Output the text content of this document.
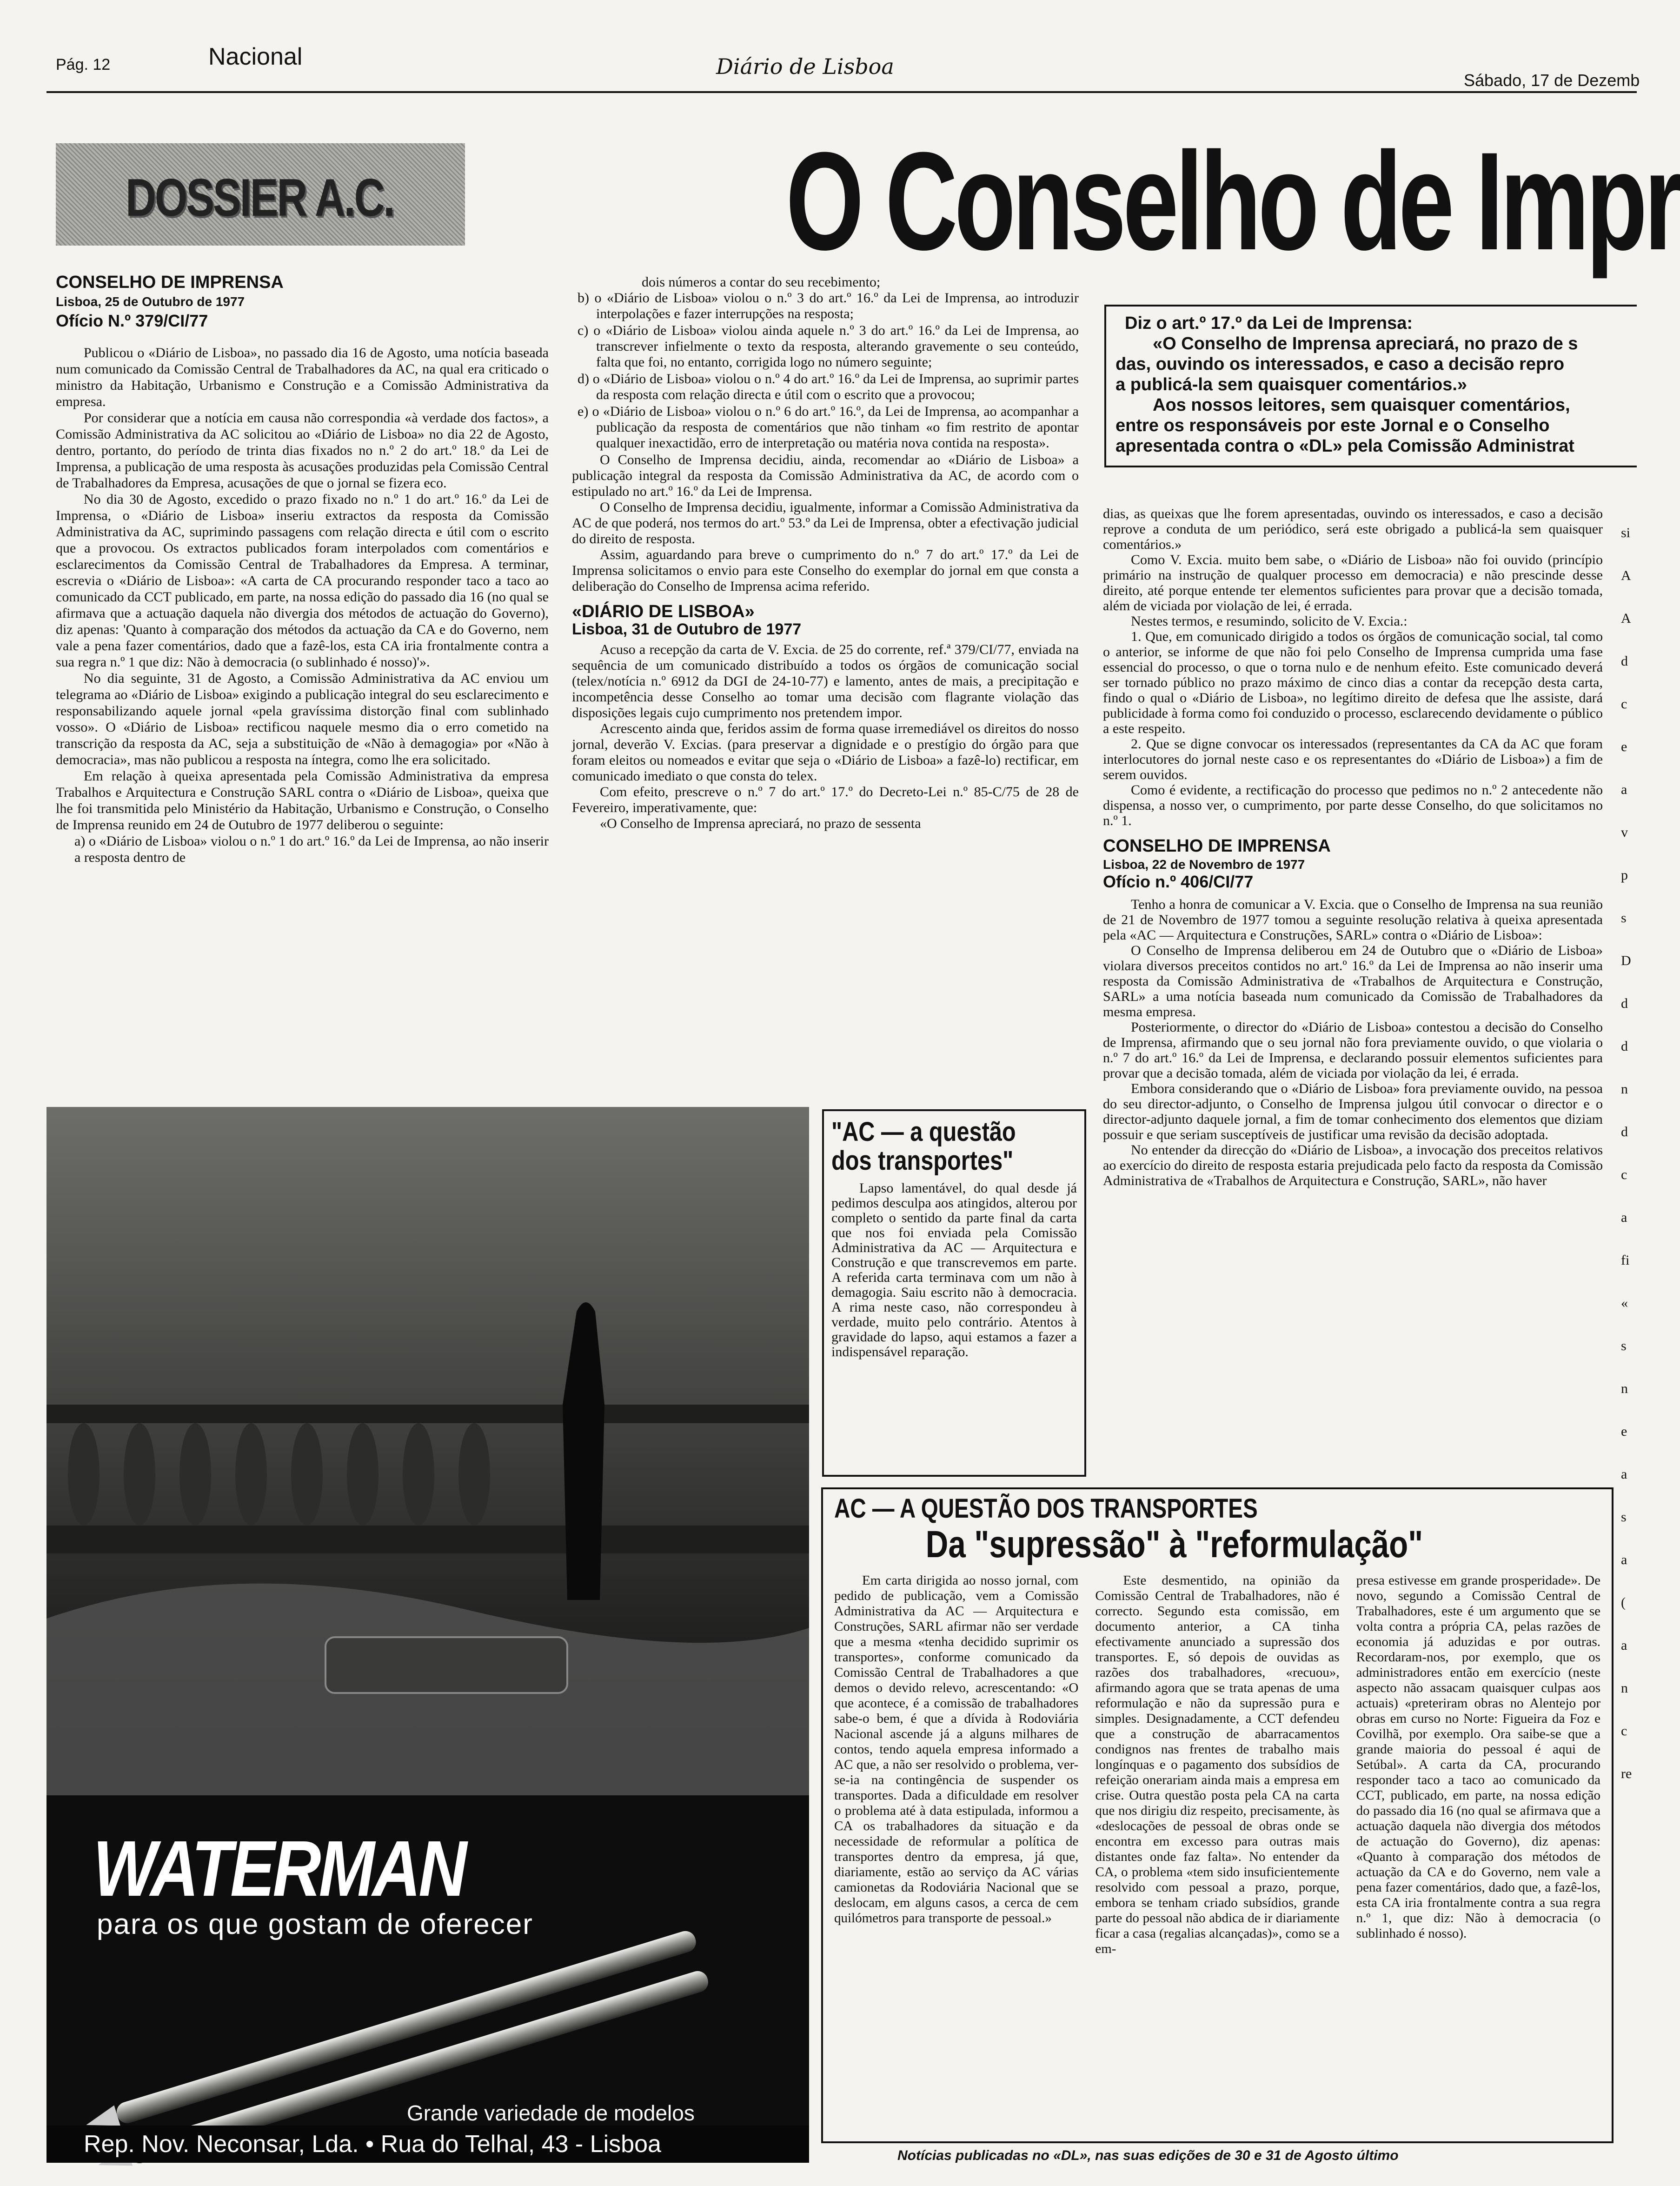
Pág. 12	Nacional	Diário de Lisboa
Sábado, 17 de Dezemb
DOSSIER A.C.	O Conselho de Impr
CONSELHO DE IMPRENSA
Lisboa, 25 de Outubro de 1977
Ofício N.º 379/CI/77

Publicou o «Diário de Lisboa», no passado dia 16 de Agosto, uma notícia baseada num comunicado da Comissão Central de Trabalhadores da AC, na qual era criticado o ministro da Habitação, Urbanismo e Construção e a Comissão Administrativa da empresa.

Por considerar que a notícia em causa não correspondia «à verdade dos factos», a Comissão Administrativa da AC solicitou ao «Diário de Lisboa» no dia 22 de Agosto, dentro, portanto, do período de trinta dias fixados no n.º 2 do art.º 18.º da Lei de Imprensa, a publicação de uma resposta às acusações produzidas pela Comissão Central de Trabalhadores da Empresa, acusações de que o jornal se fizera eco.

No dia 30 de Agosto, excedido o prazo fixado no n.º 1 do art.º 16.º da Lei de Imprensa, o «Diário de Lisboa» inseriu extractos da resposta da Comissão Administrativa da AC, suprimindo passagens com relação directa e útil com o escrito que a provocou. Os extractos publicados foram interpolados com comentários e esclarecimentos da Comissão Central de Trabalhadores da Empresa. A terminar, escrevia o «Diário de Lisboa»: «A carta de CA procurando responder taco a taco ao comunicado da CCT publicado, em parte, na nossa edição do passado dia 16 (no qual se afirmava que a actuação daquela não divergia dos métodos de actuação do Governo), diz apenas: 'Quanto à comparação dos métodos da actuação da CA e do Governo, nem vale a pena fazer comentários, dado que a fazê-los, esta CA iria frontalmente contra a sua regra n.º 1 que diz: Não à democracia (o sublinhado é nosso)'».

No dia seguinte, 31 de Agosto, a Comissão Administrativa da AC enviou um telegrama ao «Diário de Lisboa» exigindo a publicação integral do seu esclarecimento e responsabilizando aquele jornal «pela gravíssima distorção final com sublinhado vosso». O «Diário de Lisboa» rectificou naquele mesmo dia o erro cometido na transcrição da resposta da AC, seja a substituição de «Não à demagogia» por «Não à democracia», mas não publicou a resposta na íntegra, como lhe era solicitado.

Em relação à queixa apresentada pela Comissão Administrativa da empresa Trabalhos e Arquitectura e Construção SARL contra o «Diário de Lisboa», queixa que lhe foi transmitida pelo Ministério da Habitação, Urbanismo e Construção, o Conselho de Imprensa reunido em 24 de Outubro de 1977 deliberou o seguinte:

a) o «Diário de Lisboa» violou o n.º 1 do art.º 16.º da Lei de Imprensa, ao não inserir a resposta dentro de

dois números a contar do seu recebimento;

b) o «Diário de Lisboa» violou o n.º 3 do art.º 16.º da Lei de Imprensa, ao introduzir interpolações e fazer interrupções na resposta;
c) o «Diário de Lisboa» violou ainda aquele n.º 3 do art.º 16.º da Lei de Imprensa, ao transcrever infielmente o texto da resposta, alterando gravemente o seu conteúdo, falta que foi, no entanto, corrigida logo no número seguinte;
d) o «Diário de Lisboa» violou o n.º 4 do art.º 16.º da Lei de Imprensa, ao suprimir partes da resposta com relação directa e útil com o escrito que a provocou;
e) o «Diário de Lisboa» violou o n.º 6 do art.º 16.º, da Lei de Imprensa, ao acompanhar a publicação da resposta de comentários que não tinham «o fim restrito de apontar qualquer inexactidão, erro de interpretação ou matéria nova contida na resposta».

O Conselho de Imprensa decidiu, ainda, recomendar ao «Diário de Lisboa» a publicação integral da resposta da Comissão Administrativa da AC, de acordo com o estipulado no art.º 16.º da Lei de Imprensa.

O Conselho de Imprensa decidiu, igualmente, informar a Comissão Administrativa da AC de que poderá, nos termos do art.º 53.º da Lei de Imprensa, obter a efectivação judicial do direito de resposta.

Assim, aguardando para breve o cumprimento do n.º 7 do art.º 17.º da Lei de Imprensa solicitamos o envio para este Conselho do exemplar do jornal em que consta a deliberação do Conselho de Imprensa acima referido.

«DIÁRIO DE LISBOA»
Lisboa, 31 de Outubro de 1977

Acuso a recepção da carta de V. Excia. de 25 do corrente, ref.ª 379/CI/77, enviada na sequência de um comunicado distribuído a todos os órgãos de comunicação social (telex/notícia n.º 6912 da DGI de 24-10-77) e lamento, antes de mais, a precipitação e incompetência desse Conselho ao tomar uma decisão com flagrante violação das disposições legais cujo cumprimento nos pretendem impor.

Acrescento ainda que, feridos assim de forma quase irremediável os direitos do nosso jornal, deverão V. Excias. (para preservar a dignidade e o prestígio do órgão para que foram eleitos ou nomeados e evitar que seja o «Diário de Lisboa» a fazê-lo) rectificar, em comunicado imediato o que consta do telex.

Com efeito, prescreve o n.º 7 do art.º 17.º do Decreto-Lei n.º 85-C/75 de 28 de Fevereiro, imperativamente, que:

«O Conselho de Imprensa apreciará, no prazo de sessenta

Diz o art.º 17.º da Lei de Imprensa:
«O Conselho de Imprensa apreciará, no prazo de s
das, ouvindo os interessados, e caso a decisão repro
a publicá-la sem quaisquer comentários.»
Aos nossos leitores, sem quaisquer comentários,
entre os responsáveis por este Jornal e o Conselho
apresentada contra o «DL» pela Comissão Administrat

dias, as queixas que lhe forem apresentadas, ouvindo os interessados, e caso a decisão reprove a conduta de um periódico, será este obrigado a publicá-la sem quaisquer comentários.»

Como V. Excia. muito bem sabe, o «Diário de Lisboa» não foi ouvido (princípio primário na instrução de qualquer processo em democracia) e não prescinde desse direito, até porque entende ter elementos suficientes para provar que a decisão tomada, além de viciada por violação de lei, é errada.

Nestes termos, e resumindo, solicito de V. Excia.:

1. Que, em comunicado dirigido a todos os órgãos de comunicação social, tal como o anterior, se informe de que não foi pelo Conselho de Imprensa cumprida uma fase essencial do processo, o que o torna nulo e de nenhum efeito. Este comunicado deverá ser tornado público no prazo máximo de cinco dias a contar da recepção desta carta, findo o qual o «Diário de Lisboa», no legítimo direito de defesa que lhe assiste, dará publicidade à forma como foi conduzido o processo, esclarecendo devidamente o público a este respeito.

2. Que se digne convocar os interessados (representantes da CA da AC que foram interlocutores do jornal neste caso e os representantes do «Diário de Lisboa») a fim de serem ouvidos.

Como é evidente, a rectificação do processo que pedimos no n.º 2 antecedente não dispensa, a nosso ver, o cumprimento, por parte desse Conselho, do que solicitamos no n.º 1.

CONSELHO DE IMPRENSA
Lisboa, 22 de Novembro de 1977
Ofício n.º 406/CI/77

Tenho a honra de comunicar a V. Excia. que o Conselho de Imprensa na sua reunião de 21 de Novembro de 1977 tomou a seguinte resolução relativa à queixa apresentada pela «AC — Arquitectura e Construções, SARL» contra o «Diário de Lisboa»:

O Conselho de Imprensa deliberou em 24 de Outubro que o «Diário de Lisboa» violara diversos preceitos contidos no art.º 16.º da Lei de Imprensa ao não inserir uma resposta da Comissão Administrativa de «Trabalhos de Arquitectura e Construção, SARL» a uma notícia baseada num comunicado da Comissão de Trabalhadores da mesma empresa.

Posteriormente, o director do «Diário de Lisboa» contestou a decisão do Conselho de Imprensa, afirmando que o seu jornal não fora previamente ouvido, o que violaria o n.º 7 do art.º 16.º da Lei de Imprensa, e declarando possuir elementos suficientes para provar que a decisão tomada, além de viciada por violação da lei, é errada.

Embora considerando que o «Diário de Lisboa» fora previamente ouvido, na pessoa do seu director-adjunto, o Conselho de Imprensa julgou útil convocar o director e o director-adjunto daquele jornal, a fim de tomar conhecimento dos elementos que diziam possuir e que seriam susceptíveis de justificar uma revisão da decisão adoptada.

No entender da direcção do «Diário de Lisboa», a invocação dos preceitos relativos ao exercício do direito de resposta estaria prejudicada pelo facto da resposta da Comissão Administrativa de «Trabalhos de Arquitectura e Construção, SARL», não haver

si
A
A
d
c
e
a
v
p
s
D
d
d
n
d
c
a
fi
«
s
n
e
a
s
a
(
a
n
c
re
WATERMAN
para os que gostam de oferecer
Grande variedade de modelos
Rep. Nov. Neconsar, Lda. • Rua do Telhal, 43 - Lisboa
"AC — a questão
dos transportes"

Lapso lamentável, do qual desde já pedimos desculpa aos atingidos, alterou por completo o sentido da parte final da carta que nos foi enviada pela Comissão Administrativa da AC — Arquitectura e Construção e que transcrevemos em parte. A referida carta terminava com um não à demagogia. Saiu escrito não à democracia. A rima neste caso, não correspondeu à verdade, muito pelo contrário. Atentos à gravidade do lapso, aqui estamos a fazer a indispensável reparação.

AC — A QUESTÃO DOS TRANSPORTES
Da "supressão" à "reformulação"

Em carta dirigida ao nosso jornal, com pedido de publicação, vem a Comissão Administrativa da AC — Arquitectura e Construções, SARL afirmar não ser verdade que a mesma «tenha decidido suprimir os transportes», conforme comunicado da Comissão Central de Trabalhadores a que demos o devido relevo, acrescentando: «O que acontece, é a comissão de trabalhadores sabe-o bem, é que a dívida à Rodoviária Nacional ascende já a alguns milhares de contos, tendo aquela empresa informado a AC que, a não ser resolvido o problema, ver-se-ia na contingência de suspender os transportes. Dada a dificuldade em resolver o problema até à data estipulada, informou a CA os trabalhadores da situação e da necessidade de reformular a política de transportes dentro da empresa, já que, diariamente, estão ao serviço da AC várias camionetas da Rodoviária Nacional que se deslocam, em alguns casos, a cerca de cem quilómetros para transporte de pessoal.»

Este desmentido, na opinião da Comissão Central de Trabalhadores, não é correcto. Segundo esta comissão, em documento anterior, a CA tinha efectivamente anunciado a supressão dos transportes. E, só depois de ouvidas as razões dos trabalhadores, «recuou», afirmando agora que se trata apenas de uma reformulação e não da supressão pura e simples. Designadamente, a CCT defendeu que a construção de abarracamentos condignos nas frentes de trabalho mais longínquas e o pagamento dos subsídios de refeição onerariam ainda mais a empresa em crise. Outra questão posta pela CA na carta que nos dirigiu diz respeito, precisamente, às «deslocações de pessoal de obras onde se encontra em excesso para outras mais distantes onde faz falta». No entender da CA, o problema «tem sido insuficientemente resolvido com pessoal a prazo, porque, embora se tenham criado subsídios, grande parte do pessoal não abdica de ir diariamente ficar a casa (regalias alcançadas)», como se a em-

presa estivesse em grande prosperidade». De novo, segundo a Comissão Central de Trabalhadores, este é um argumento que se volta contra a própria CA, pelas razões de economia já aduzidas e por outras. Recordaram-nos, por exemplo, que os administradores então em exercício (neste aspecto não assacam quaisquer culpas aos actuais) «preteriram obras no Alentejo por obras em curso no Norte: Figueira da Foz e Covilhã, por exemplo. Ora saibe-se que a grande maioria do pessoal é aqui de Setúbal». A carta da CA, procurando responder taco a taco ao comunicado da CCT, publicado, em parte, na nossa edição do passado dia 16 (no qual se afirmava que a actuação daquela não divergia dos métodos de actuação do Governo), diz apenas: «Quanto à comparação dos métodos de actuação da CA e do Governo, nem vale a pena fazer comentários, dado que, a fazê-los, esta CA iria frontalmente contra a sua regra n.º 1, que diz: Não à democracia (o sublinhado é nosso).

Notícias publicadas no «DL», nas suas edições de 30 e 31 de Agosto último
